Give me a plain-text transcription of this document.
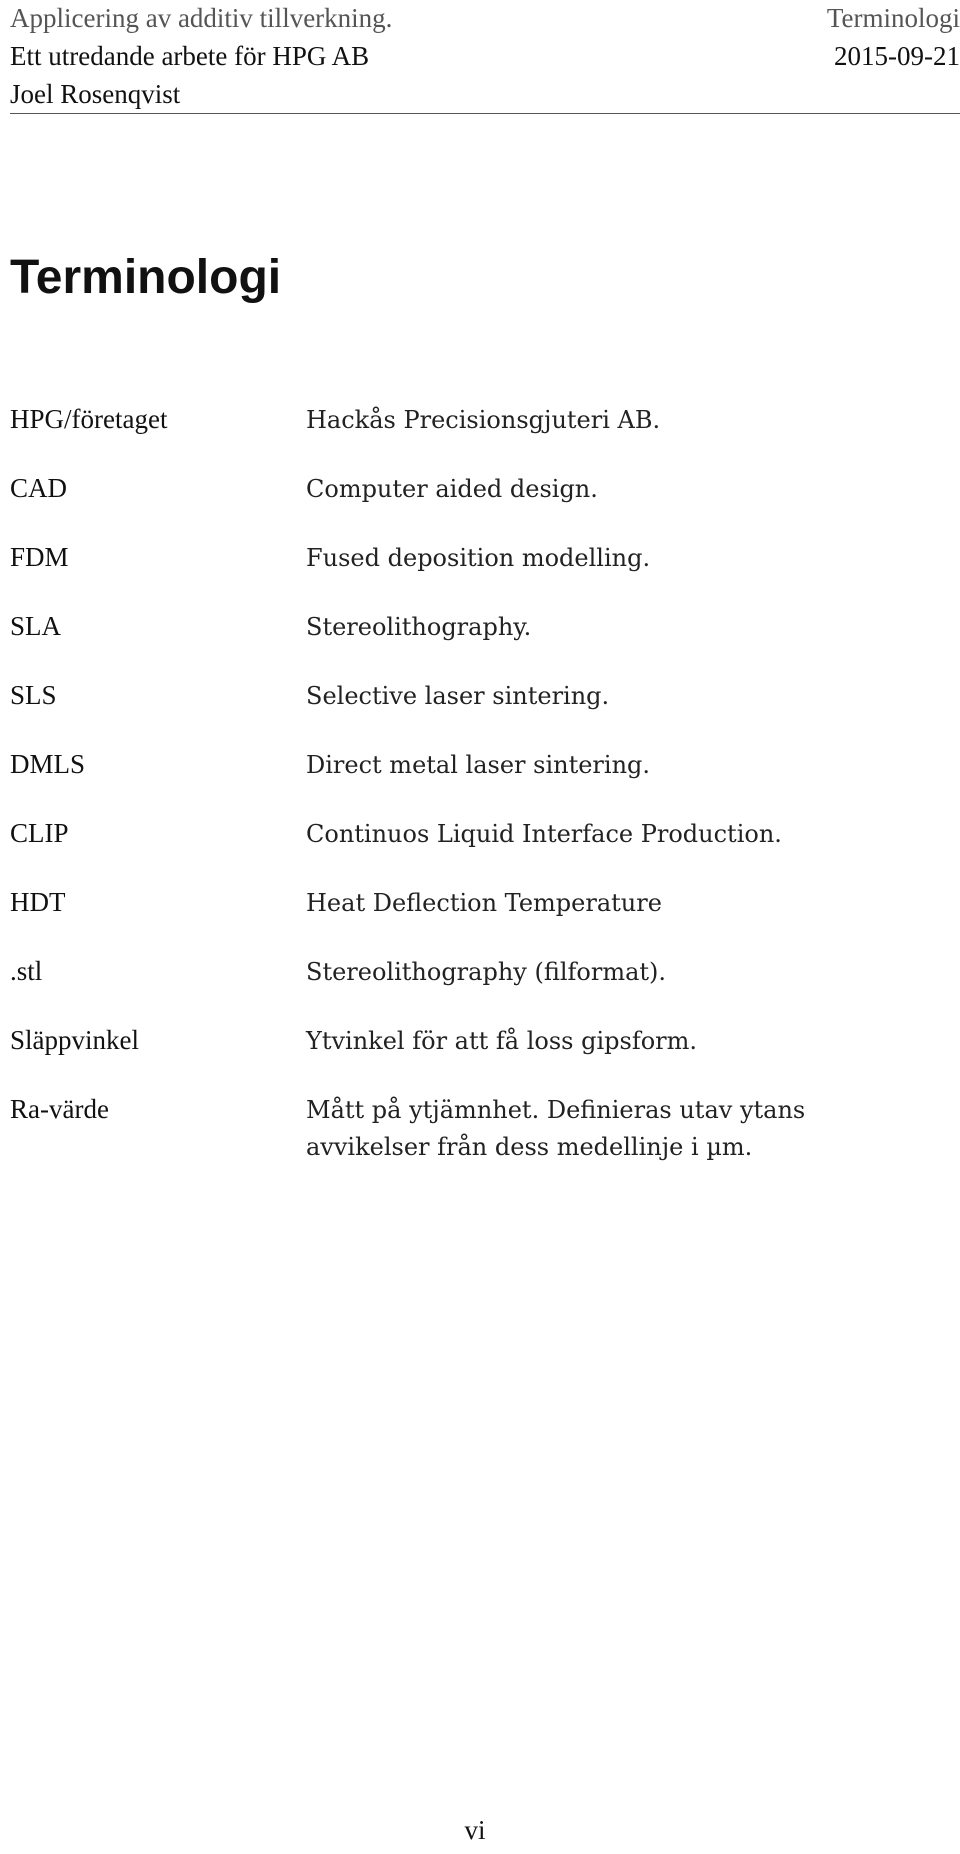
Applicering av additiv tillverkning.	Terminologi
Ett utredande arbete för HPG AB	2015-09-21
Joel Rosenqvist
Terminologi
HPG/företaget	Hackås Precisionsgjuteri AB.
CAD	Computer aided design.
FDM	Fused deposition modelling.
SLA	Stereolithography.
SLS	Selective laser sintering.
DMLS	Direct metal laser sintering.
CLIP	Continuos Liquid Interface Production.
HDT	Heat Deflection Temperature
.stl	Stereolithography (filformat).
Släppvinkel	Ytvinkel för att få loss gipsform.
Ra-värde	Mått på ytjämnhet. Definieras utav ytans avvikelser från dess medellinje i µm.
vi
